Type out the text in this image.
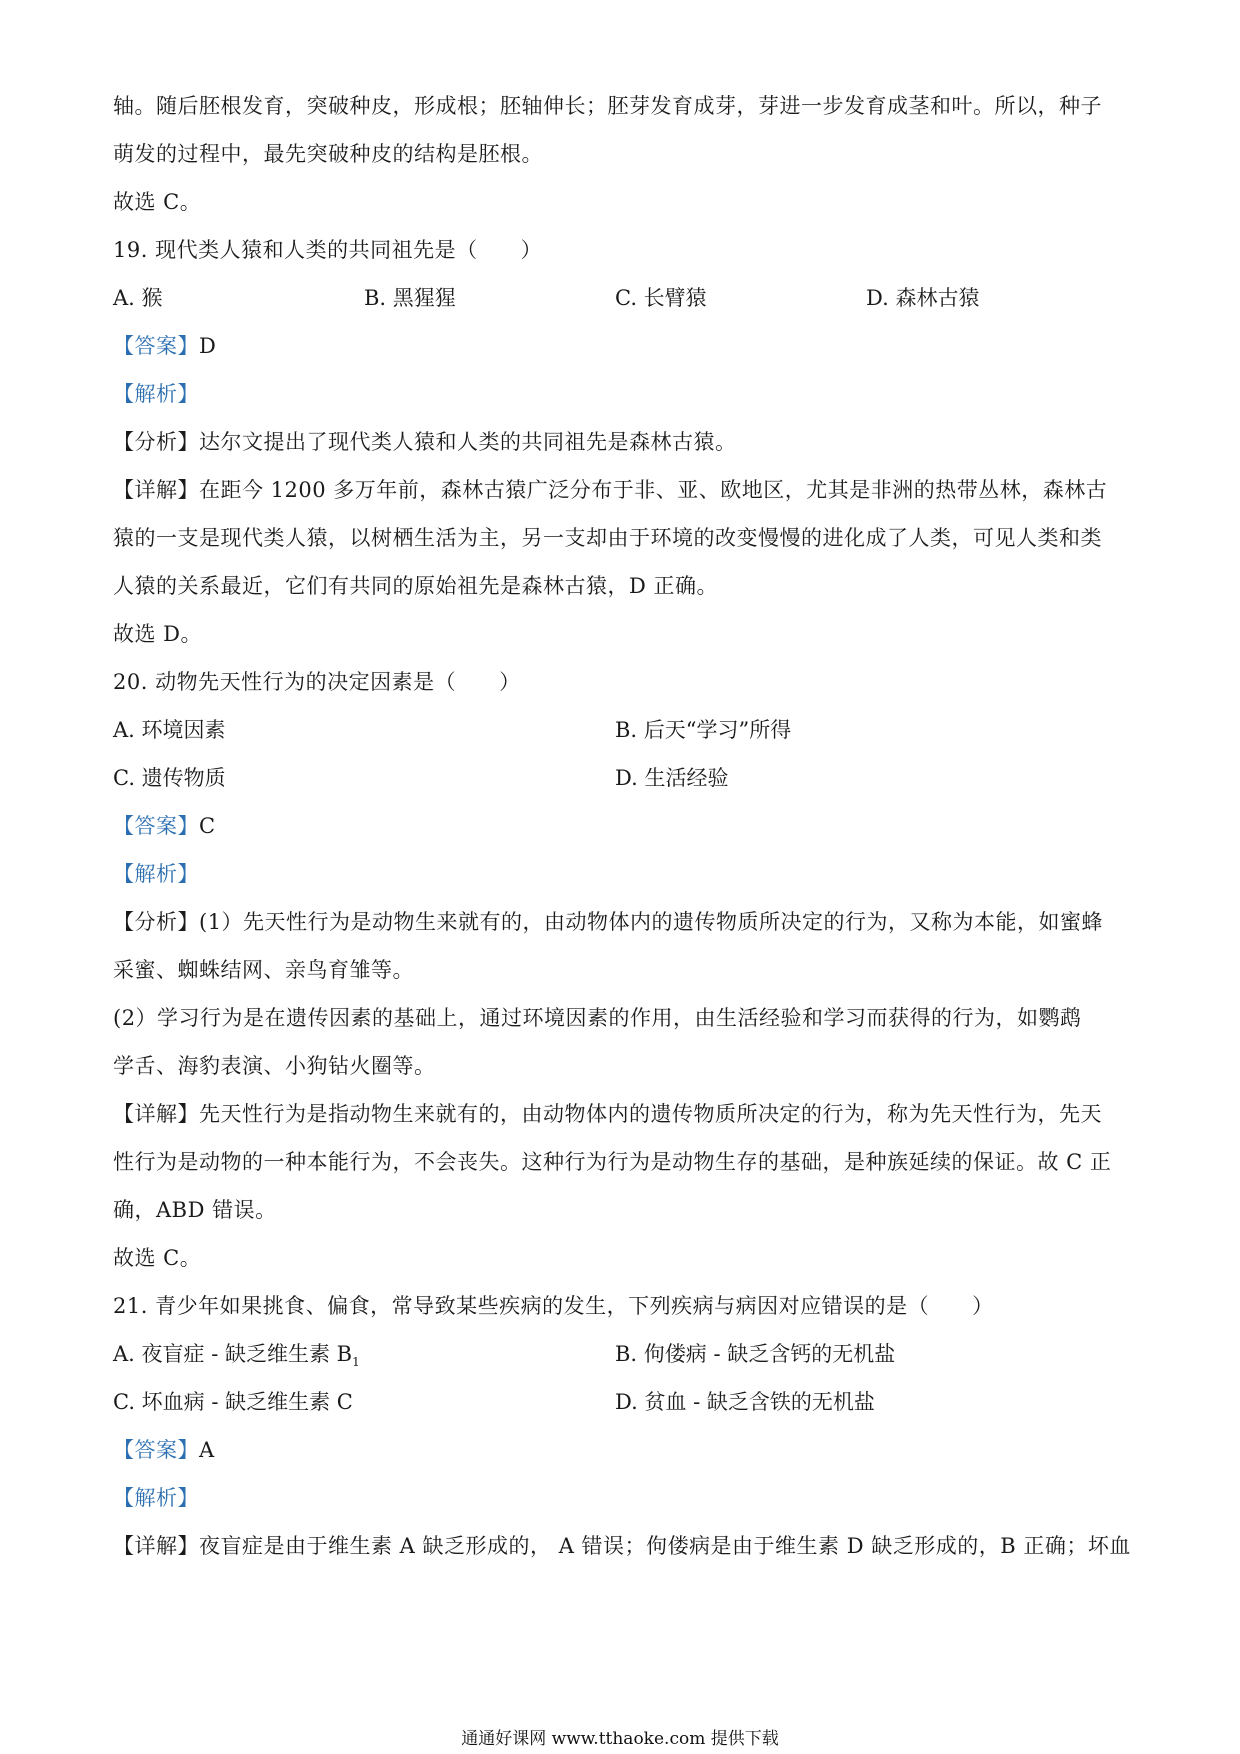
轴。随后胚根发育，突破种皮，形成根；胚轴伸长；胚芽发育成芽，芽进一步发育成茎和叶。所以，种子
萌发的过程中，最先突破种皮的结构是胚根。
故选 C。
19. 现代类人猿和人类的共同祖先是（　　）
A. 猴	B. 黑猩猩	C. 长臂猿	D. 森林古猿
【答案】D
【解析】
【分析】达尔文提出了现代类人猿和人类的共同祖先是森林古猿。
【详解】在距今 1200 多万年前，森林古猿广泛分布于非、亚、欧地区，尤其是非洲的热带丛林，森林古
猿的一支是现代类人猿，以树栖生活为主，另一支却由于环境的改变慢慢的进化成了人类，可见人类和类
人猿的关系最近，它们有共同的原始祖先是森林古猿，D 正确。
故选 D。
20. 动物先天性行为的决定因素是（　　）
A. 环境因素	B. 后天“学习”所得
C. 遗传物质	D. 生活经验
【答案】C
【解析】
【分析】(1）先天性行为是动物生来就有的，由动物体内的遗传物质所决定的行为，又称为本能，如蜜蜂
采蜜、蜘蛛结网、亲鸟育雏等。
(2）学习行为是在遗传因素的基础上，通过环境因素的作用，由生活经验和学习而获得的行为，如鹦鹉
学舌、海豹表演、小狗钻火圈等。
【详解】先天性行为是指动物生来就有的，由动物体内的遗传物质所决定的行为，称为先天性行为，先天
性行为是动物的一种本能行为，不会丧失。这种行为行为是动物生存的基础，是种族延续的保证。故 C 正
确，ABD 错误。
故选 C。
21. 青少年如果挑食、偏食，常导致某些疾病的发生，下列疾病与病因对应错误的是（　　）
A. 夜盲症 - 缺乏维生素 $B_1$	B. 佝偻病 - 缺乏含钙的无机盐
C. 坏血病 - 缺乏维生素 C	D. 贫血 - 缺乏含铁的无机盐
【答案】A
【解析】
【详解】夜盲症是由于维生素 A 缺乏形成的， A 错误；佝偻病是由于维生素 D 缺乏形成的，B 正确；坏血
通通好课网 www.tthaoke.com 提供下载
